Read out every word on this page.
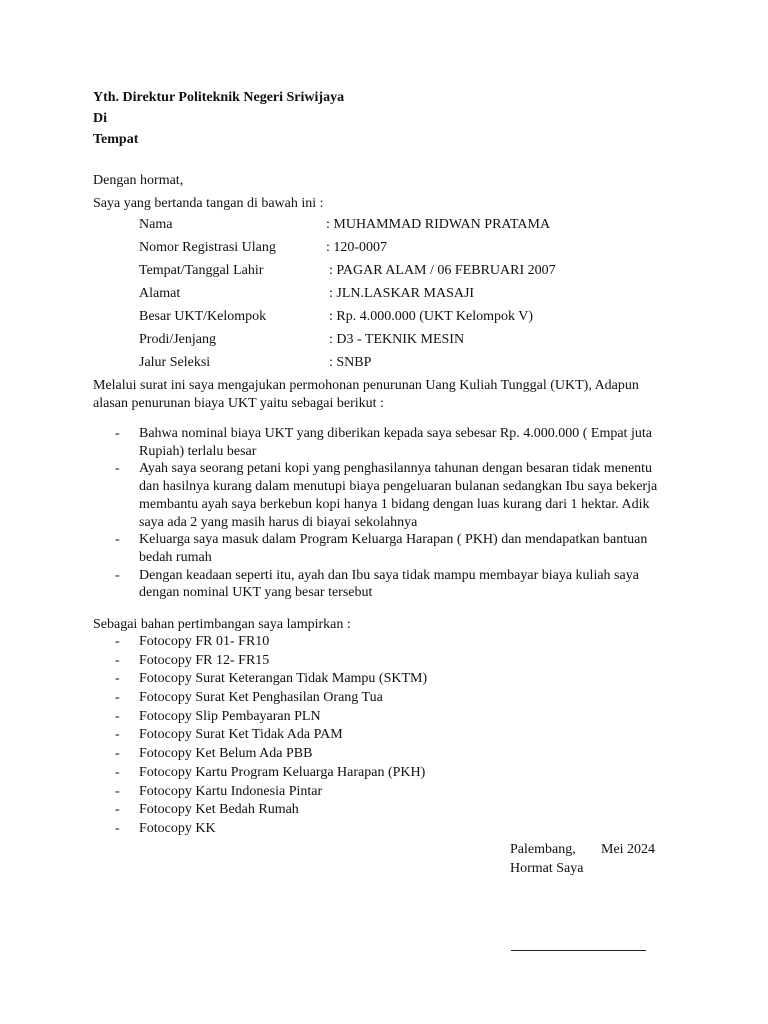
Yth. Direktur Politeknik Negeri Sriwijaya
Di
Tempat
Dengan hormat,
Saya yang bertanda tangan di bawah ini :
Nama	: MUHAMMAD RIDWAN PRATAMA
Nomor Registrasi Ulang	: 120-0007
Tempat/Tanggal Lahir	: PAGAR ALAM / 06 FEBRUARI 2007
Alamat	: JLN.LASKAR MASAJI
Besar UKT/Kelompok	: Rp. 4.000.000 (UKT Kelompok V)
Prodi/Jenjang	: D3 - TEKNIK MESIN
Jalur Seleksi	: SNBP
Melalui surat ini saya mengajukan permohonan penurunan Uang Kuliah Tunggal (UKT), Adapun alasan penurunan biaya UKT yaitu sebagai berikut :
-	Bahwa nominal biaya UKT yang diberikan kepada saya sebesar Rp. 4.000.000 ( Empat juta Rupiah) terlalu besar
-	Ayah saya seorang petani kopi yang penghasilannya tahunan dengan besaran tidak menentu dan hasilnya kurang dalam menutupi biaya pengeluaran bulanan sedangkan Ibu saya bekerja membantu ayah saya berkebun kopi hanya 1 bidang dengan luas kurang dari 1 hektar. Adik saya ada 2 yang masih harus di biayai sekolahnya
-	Keluarga saya masuk dalam Program Keluarga Harapan ( PKH) dan mendapatkan bantuan bedah rumah
-	Dengan keadaan seperti itu, ayah dan Ibu saya tidak mampu membayar biaya kuliah saya dengan nominal UKT yang besar tersebut
Sebagai bahan pertimbangan saya lampirkan :
-	Fotocopy FR 01- FR10
-	Fotocopy FR 12- FR15
-	Fotocopy Surat Keterangan Tidak Mampu (SKTM)
-	Fotocopy Surat Ket Penghasilan Orang Tua
-	Fotocopy Slip Pembayaran PLN
-	Fotocopy Surat Ket Tidak Ada PAM
-	Fotocopy Ket Belum Ada PBB
-	Fotocopy Kartu Program Keluarga Harapan (PKH)
-	Fotocopy Kartu Indonesia Pintar
-	Fotocopy Ket Bedah Rumah
-	Fotocopy KK
Palembang, Mei 2024
Hormat Saya
